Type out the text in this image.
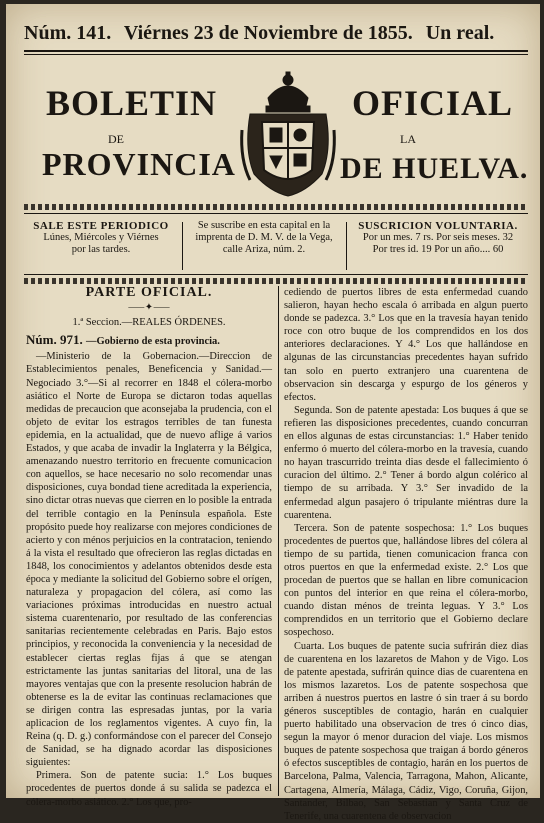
Núm. 141. Viérnes 23 de Noviembre de 1855. Un real.
BOLETIN	OFICIAL
DE	LA
PROVINCIA	DE HUELVA.
SALE ESTE PERIODICO
Lúnes, Miércoles y Viérnes
por las tardes.
Se suscribe en esta capital en la
imprenta de D. M. V. de la Vega,
calle Ariza, núm. 2.
SUSCRICION VOLUNTARIA.
Por un mes. 7 rs. Por seis meses. 32
Por tres id. 19 Por un año.... 60
PARTE OFICIAL.
⸺✦⸺
1.ª Seccion.—REALES ÓRDENES.
Núm. 971. —Gobierno de esta provincia.

—Ministerio de la Gobernacion.—Direccion de Establecimientos penales, Beneficencia y Sanidad.—Negociado 3.°—Si al recorrer en 1848 el cólera-morbo asiático el Norte de Europa se dictaron todas aquellas medidas de precaucion que aconsejaba la prudencia, con el objeto de evitar los estragos terribles de tan funesta epidemia, en la actualidad, que de nuevo aflige á varios Estados, y que acaba de invadir la Inglaterra y la Bélgica, amenazando nuestro territorio en frecuente comunicacion con aquellos, se hace necesario no solo recomendar unas disposiciones, cuya bondad tiene acreditada la experiencia, sino dictar otras nuevas que cierren en lo posible la entrada del terrible contagio en la Península española. Este propósito puede hoy realizarse con mejores condiciones de acierto y con ménos perjuicios en la contratacion, teniendo á la vista el resultado que ofrecieron las reglas dictadas en 1848, los conocimientos y adelantos obtenidos desde esta época y mediante la solicitud del Gobierno sobre el orígen, naturaleza y propagacion del cólera, así como las variaciones próximas introducidas en nuestro actual sistema cuarentenario, por resultado de las conferencias sanitarias recientemente celebradas en Paris. Bajo estos principios, y reconocida la conveniencia y la necesidad de establecer ciertas reglas fijas á que se atengan estrictamente las juntas sanitarias del litoral, una de las mayores ventajas que con la presente resolucion habrán de obtenerse es la de evitar las continuas reclamaciones que se dirigen contra las espresadas juntas, por la varia aplicacion de los reglamentos vigentes. A cuyo fin, la Reina (q. D. g.) conformándose con el parecer del Consejo de Sanidad, se ha dignado acordar las disposiciones siguientes:

Primera. Son de patente sucia: 1.° Los buques procedentes de puertos donde á su salida se padezca el cólera-morbo asiático. 2.° Los que, pro-

cediendo de puertos libres de esta enfermedad cuando salieron, hayan hecho escala ó arribada en algun puerto donde se padezca. 3.° Los que en la travesía hayan tenido roce con otro buque de los comprendidos en los dos anteriores declaraciones. Y 4.° Los que hallándose en algunas de las circunstancias precedentes hayan sufrido tan solo en puerto extranjero una cuarentena de observacion sin descarga y espurgo de los géneros y efectos.

Segunda. Son de patente apestada: Los buques á que se refieren las disposiciones precedentes, cuando concurran en ellos algunas de estas circunstancias: 1.° Haber tenido enfermo ó muerto del cólera-morbo en la travesía, cuando no hayan trascurrido treinta dias desde el fallecimiento ó curacion del último. 2.° Tener á bordo algun colérico al tiempo de su arribada. Y 3.° Ser invadido de la enfermedad algun pasajero ó tripulante miéntras dure la cuarentena.

Tercera. Son de patente sospechosa: 1.° Los buques procedentes de puertos que, hallándose libres del cólera al tiempo de su partida, tienen comunicacion franca con otros puertos en que la enfermedad existe. 2.° Los que procedan de puertos que se hallan en libre comunicacion con puntos del interior en que reina el cólera-morbo, cuando distan ménos de treinta leguas. Y 3.° Los comprendidos en un territorio que el Gobierno declare sospechoso.

Cuarta. Los buques de patente sucia sufrirán diez dias de cuarentena en los lazaretos de Mahon y de Vigo. Los de patente apestada, sufrirán quince dias de cuarentena en los mismos lazaretos. Los de patente sospechosa que arriben á nuestros puertos en lastre ó sin traer á su bordo géneros susceptibles de contagio, harán en cualquier puerto habilitado una observacion de tres ó cinco dias, segun la mayor ó menor duracion del viaje. Los mismos buques de patente sospechosa que traigan á bordo géneros ó efectos susceptibles de contagio, harán en los puertos de Barcelona, Palma, Valencia, Tarragona, Mahon, Alicante, Cartagena, Almería, Málaga, Cádiz, Vigo, Coruña, Gijon, Santander, Bilbao, San Sebastian y Santa Cruz de Tenerife, una cuarentena de observacion
